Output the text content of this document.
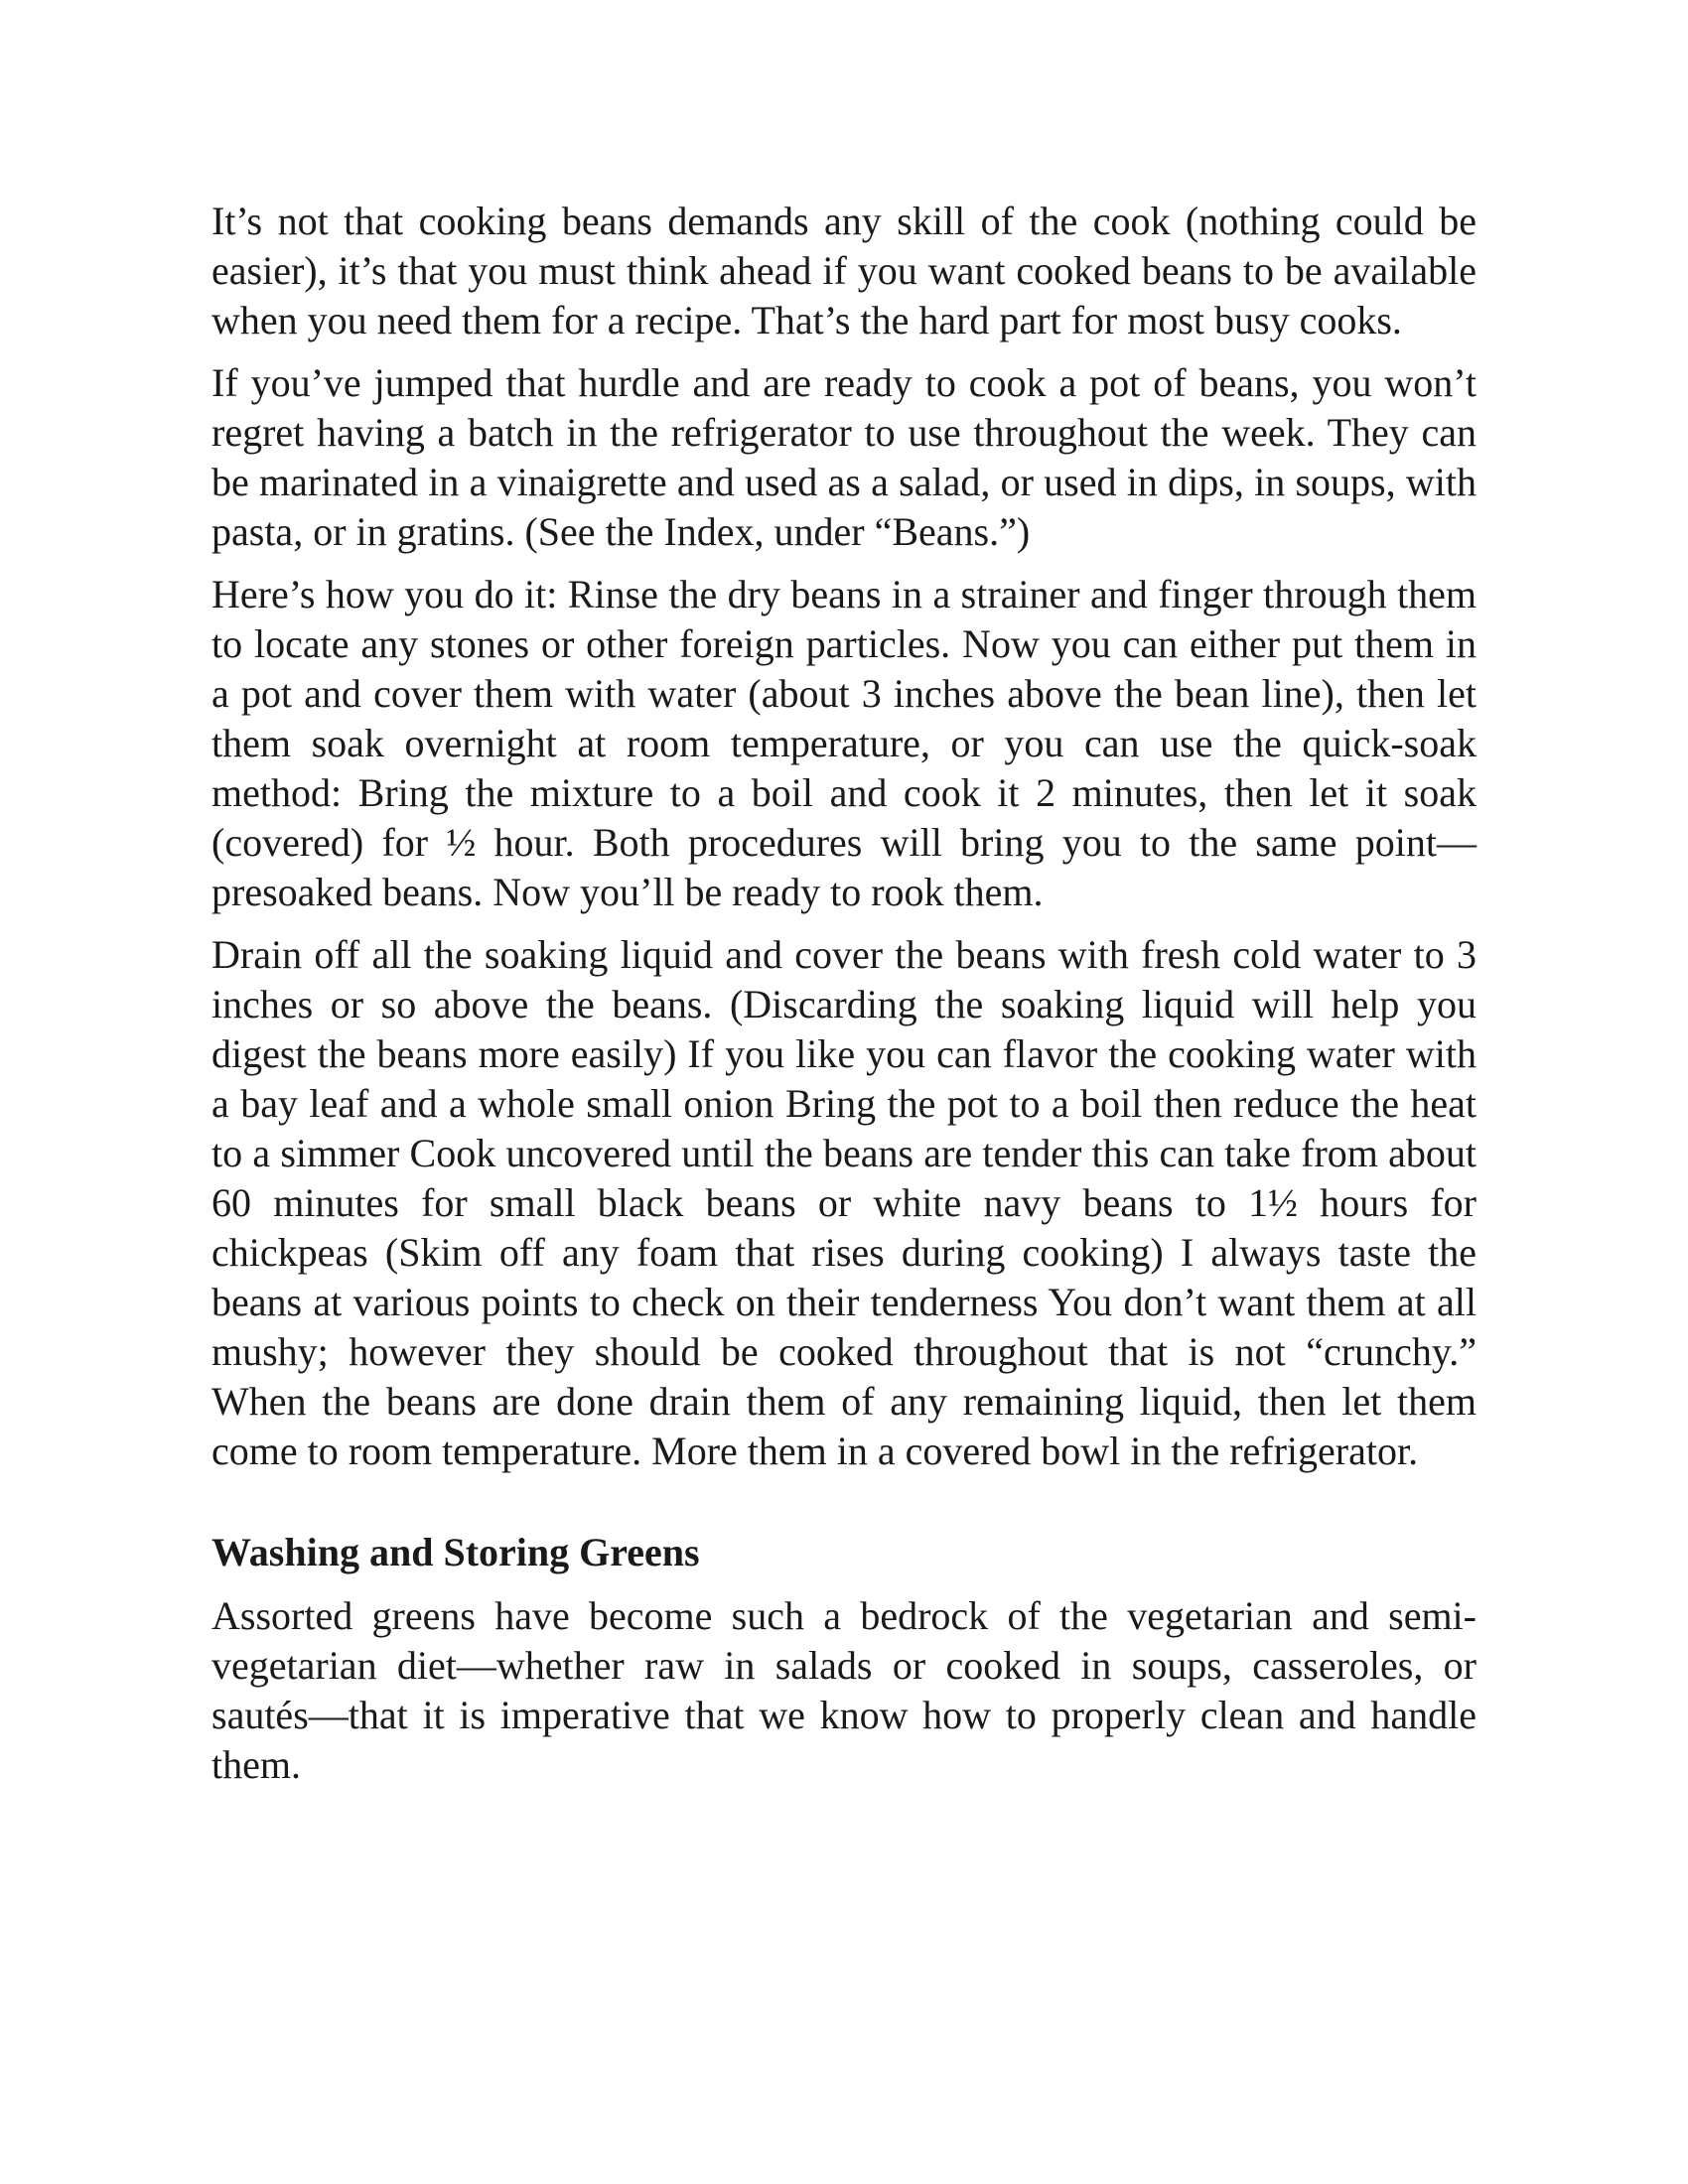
It’s not that cooking beans demands any skill of the cook (nothing could be easier), it’s that you must think ahead if you want cooked beans to be available when you need them for a recipe. That’s the hard part for most busy cooks.

If you’ve jumped that hurdle and are ready to cook a pot of beans, you won’t regret having a batch in the refrigerator to use throughout the week. They can be marinated in a vinaigrette and used as a salad, or used in dips, in soups, with pasta, or in gratins. (See the Index, under “Beans.”)

Here’s how you do it: Rinse the dry beans in a strainer and finger through them to locate any stones or other foreign particles. Now you can either put them in a pot and cover them with water (about 3 inches above the bean line), then let them soak overnight at room temperature, or you can use the quick-soak method: Bring the mixture to a boil and cook it 2 minutes, then let it soak (covered) for ½ hour. Both procedures will bring you to the same point—presoaked beans. Now you’ll be ready to rook them.

Drain off all the soaking liquid and cover the beans with fresh cold water to 3 inches or so above the beans. (Discarding the soaking liquid will help you digest the beans more easily) If you like you can flavor the cooking water with a bay leaf and a whole small onion Bring the pot to a boil then reduce the heat to a simmer Cook uncovered until the beans are tender this can take from about 60 minutes for small black beans or white navy beans to 1½ hours for chickpeas (Skim off any foam that rises during cooking) I always taste the beans at various points to check on their tenderness You don’t want them at all mushy; however they should be cooked throughout that is not “crunchy.” When the beans are done drain them of any remaining liquid, then let them come to room temperature. More them in a covered bowl in the refrigerator.

Washing and Storing Greens

Assorted greens have become such a bedrock of the vegetarian and semi-vegetarian diet—whether raw in salads or cooked in soups, casseroles, or sautés—that it is imperative that we know how to properly clean and handle them.
